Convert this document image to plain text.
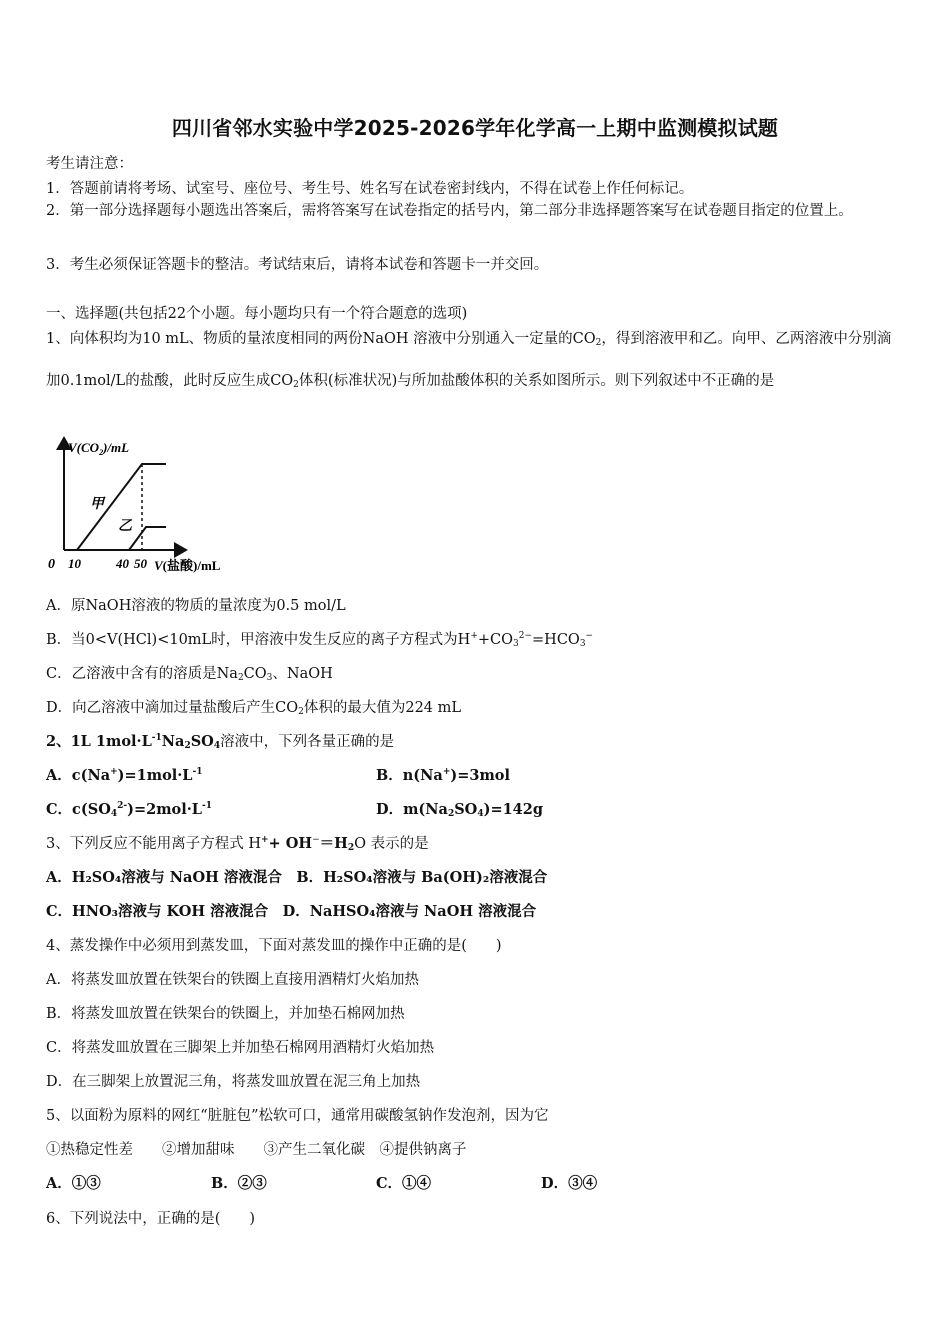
四川省邻水实验中学2025-2026学年化学高一上期中监测模拟试题
考生请注意：
1．答题前请将考场、试室号、座位号、考生号、姓名写在试卷密封线内，不得在试卷上作任何标记。
2．第一部分选择题每小题选出答案后，需将答案写在试卷指定的括号内，第二部分非选择题答案写在试卷题目指定的位置上。
3．考生必须保证答题卡的整洁。考试结束后，请将本试卷和答题卡一并交回。
一、选择题(共包括22个小题。每小题均只有一个符合题意的选项)
1、向体积均为10 mL、物质的量浓度相同的两份NaOH 溶液中分别通入一定量的$CO_2$，得到溶液甲和乙。向甲、乙两溶液中分别滴加0.1mol/L的盐酸，此时反应生成$CO_2$体积(标准状况)与所加盐酸体积的关系如图所示。则下列叙述中不正确的是
$V(CO_2)/mL$
甲
乙
0 10	40 50 V(盐酸)/mL
A．原NaOH溶液的物质的量浓度为0.5 mol/L
B．当0<V(HCl)<10mL时，甲溶液中发生反应的离子方程式为$H^++CO_3^{2-}=HCO_3^-$
C．乙溶液中含有的溶质是$Na_2CO_3$、NaOH
D．向乙溶液中滴加过量盐酸后产生$CO_2$体积的最大值为224 mL
2、1L $1mol\cdot L^{-1}Na_2SO_4$溶液中，下列各量正确的是
A．$c(Na^+)=1mol\cdot L^{-1}$	B．n(Na+)=3mol
C．$c(SO_4^{2-})=2mol\cdot L^{-1}$	D．$m(Na_2SO_4)=142g$
3、下列反应不能用离子方程式 $H^++ OH^-=H_2O$ 表示的是
A．H₂SO₄溶液与 NaOH 溶液混合　B．H₂SO₄溶液与 Ba(OH)₂溶液混合
C．HNO₃溶液与 KOH 溶液混合　D．NaHSO₄溶液与 NaOH 溶液混合
4、蒸发操作中必须用到蒸发皿，下面对蒸发皿的操作中正确的是(　　)
A．将蒸发皿放置在铁架台的铁圈上直接用酒精灯火焰加热
B．将蒸发皿放置在铁架台的铁圈上，并加垫石棉网加热
C．将蒸发皿放置在三脚架上并加垫石棉网用酒精灯火焰加热
D．在三脚架上放置泥三角，将蒸发皿放置在泥三角上加热
5、以面粉为原料的网红“脏脏包”松软可口，通常用碳酸氢钠作发泡剂，因为它
①热稳定性差　　②增加甜味　　③产生二氧化碳　④提供钠离子
A．①③	B．②③	C．①④	D．③④
6、下列说法中，正确的是(　　)
